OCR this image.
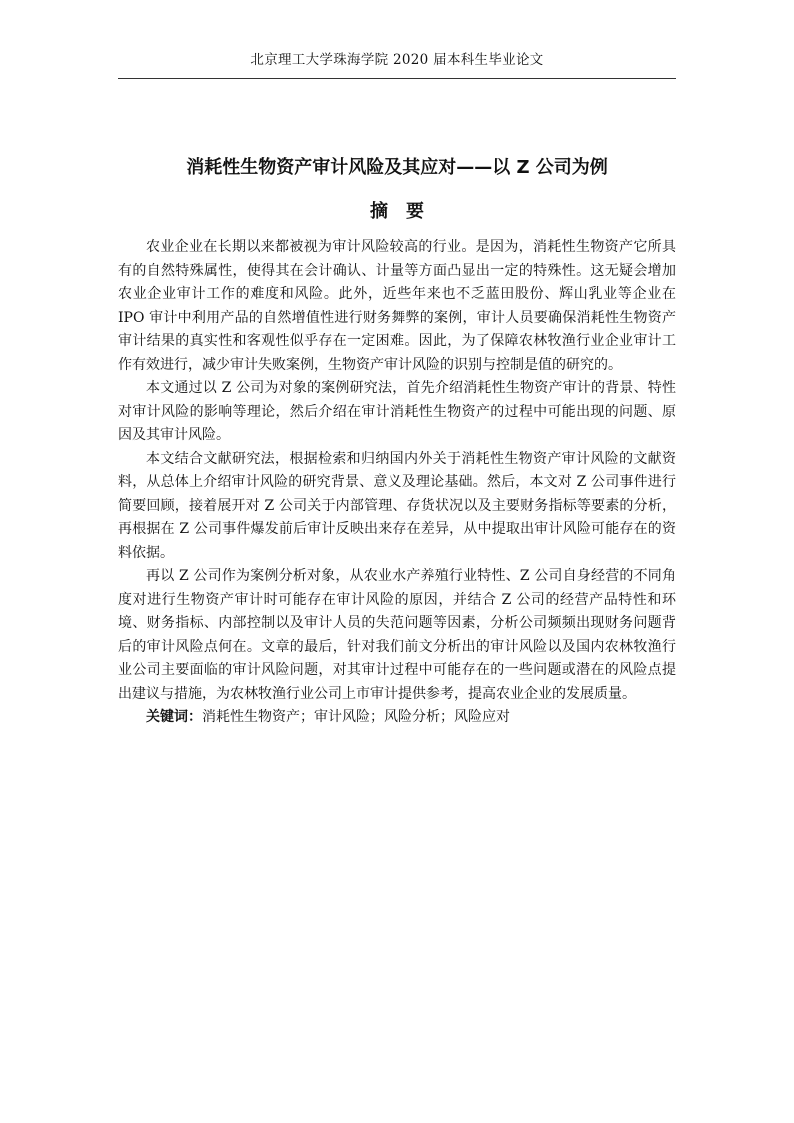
北京理工大学珠海学院 2020 届本科生毕业论文
消耗性生物资产审计风险及其应对——以 Z 公司为例
摘要

农业企业在长期以来都被视为审计风险较高的行业。是因为，消耗性生物资产它所具有的自然特殊属性，使得其在会计确认、计量等方面凸显出一定的特殊性。这无疑会增加农业企业审计工作的难度和风险。此外，近些年来也不乏蓝田股份、辉山乳业等企业在 IPO 审计中利用产品的自然增值性进行财务舞弊的案例，审计人员要确保消耗性生物资产审计结果的真实性和客观性似乎存在一定困难。因此，为了保障农林牧渔行业企业审计工作有效进行，减少审计失败案例，生物资产审计风险的识别与控制是值的研究的。

本文通过以 Z 公司为对象的案例研究法，首先介绍消耗性生物资产审计的背景、特性对审计风险的影响等理论，然后介绍在审计消耗性生物资产的过程中可能出现的问题、原因及其审计风险。

本文结合文献研究法，根据检索和归纳国内外关于消耗性生物资产审计风险的文献资料，从总体上介绍审计风险的研究背景、意义及理论基础。然后，本文对 Z 公司事件进行简要回顾，接着展开对 Z 公司关于内部管理、存货状况以及主要财务指标等要素的分析，再根据在 Z 公司事件爆发前后审计反映出来存在差异，从中提取出审计风险可能存在的资料依据。

再以 Z 公司作为案例分析对象，从农业水产养殖行业特性、Z 公司自身经营的不同角度对进行生物资产审计时可能存在审计风险的原因，并结合 Z 公司的经营产品特性和环境、财务指标、内部控制以及审计人员的失范问题等因素，分析公司频频出现财务问题背后的审计风险点何在。文章的最后，针对我们前文分析出的审计风险以及国内农林牧渔行业公司主要面临的审计风险问题，对其审计过程中可能存在的一些问题或潜在的风险点提出建议与措施，为农林牧渔行业公司上市审计提供参考，提高农业企业的发展质量。

关键词：消耗性生物资产；审计风险；风险分析；风险应对
